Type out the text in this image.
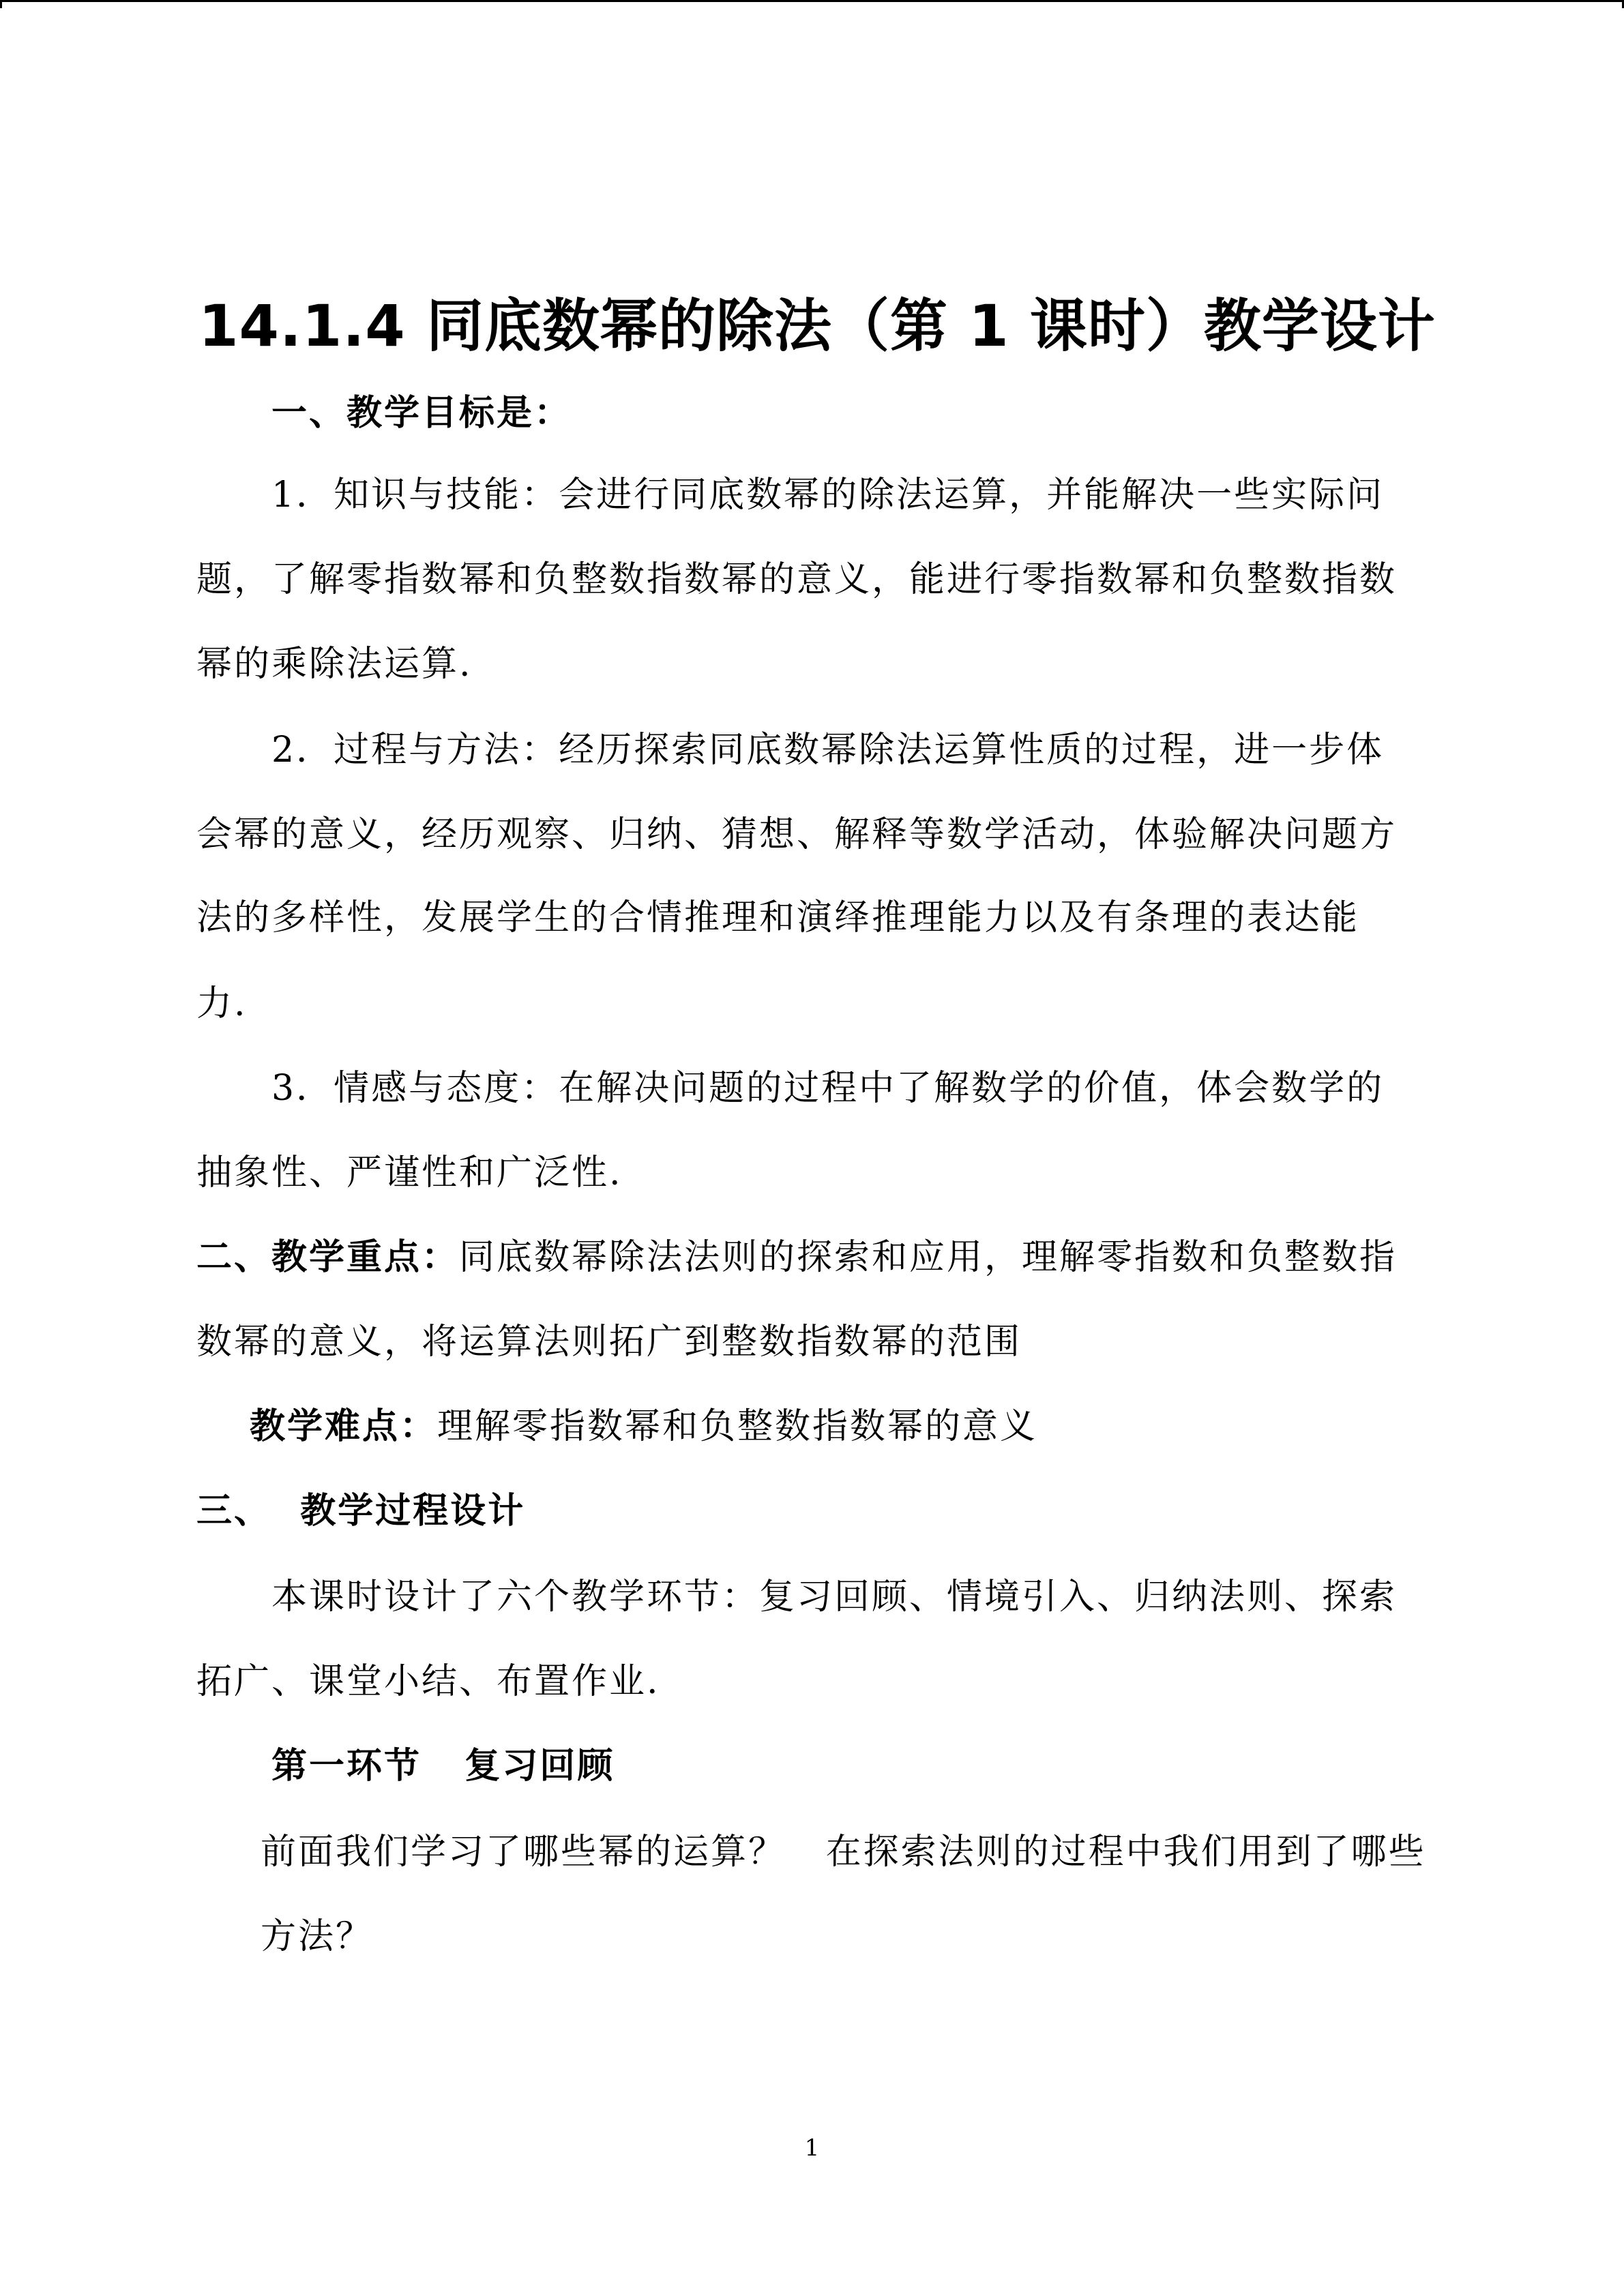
14.1.4 同底数幂的除法（第 1 课时）教学设计
一、教学目标是：
1．知识与技能：会进行同底数幂的除法运算，并能解决一些实际问
题，了解零指数幂和负整数指数幂的意义，能进行零指数幂和负整数指数
幂的乘除法运算.
2．过程与方法：经历探索同底数幂除法运算性质的过程，进一步体
会幂的意义，经历观察、归纳、猜想、解释等数学活动，体验解决问题方
法的多样性，发展学生的合情推理和演绎推理能力以及有条理的表达能
力.
3．情感与态度：在解决问题的过程中了解数学的价值，体会数学的
抽象性、严谨性和广泛性.
二、教学重点：同底数幂除法法则的探索和应用，理解零指数和负整数指
数幂的意义，将运算法则拓广到整数指数幂的范围
教学难点：理解零指数幂和负整数指数幂的意义
三、  教学过程设计
本课时设计了六个教学环节：复习回顾、情境引入、归纳法则、探索
拓广、课堂小结、布置作业.
第一环节   复习回顾
前面我们学习了哪些幂的运算？   在探索法则的过程中我们用到了哪些
方法？
1
